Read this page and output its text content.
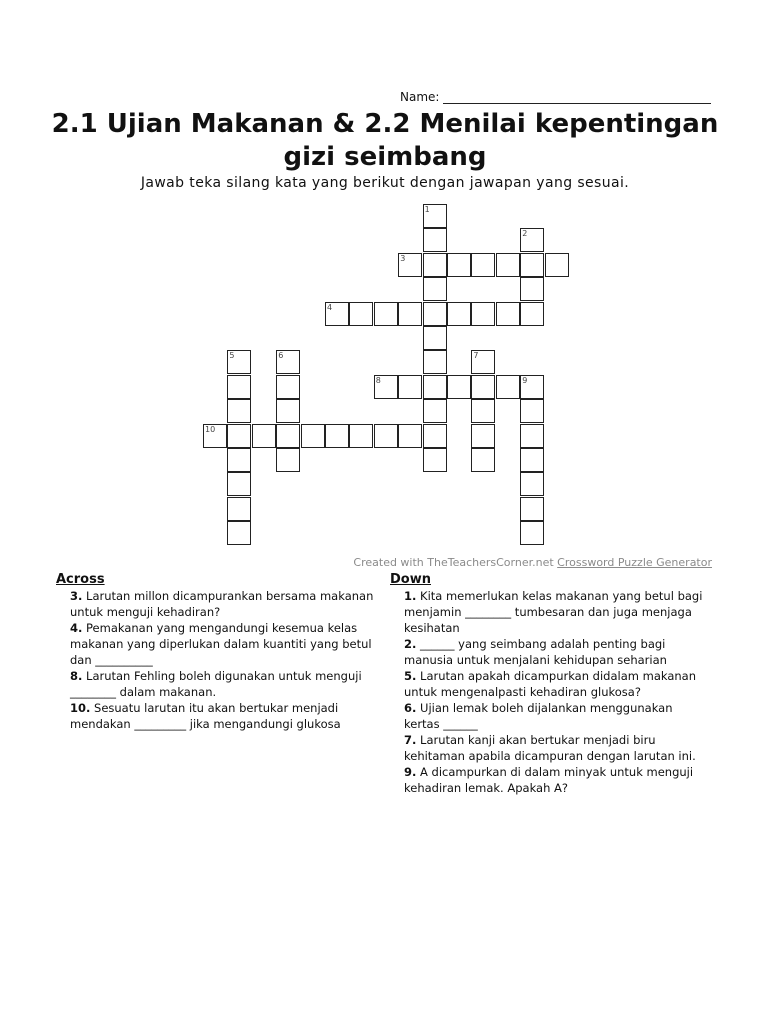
Name:
2.1 Ujian Makanan & 2.2 Menilai kepentingan gizi seimbang
Jawab teka silang kata yang berikut dengan jawapan yang sesuai.
1
2
3
4
5	6	7
8	9
10
Created with TheTeachersCorner.net Crossword Puzzle Generator
Across
3. Larutan millon dicampurankan bersama makanan untuk menguji kehadiran?
4. Pemakanan yang mengandungi kesemua kelas makanan yang diperlukan dalam kuantiti yang betul dan __________
8. Larutan Fehling boleh digunakan untuk menguji ________ dalam makanan.
10. Sesuatu larutan itu akan bertukar menjadi mendakan _________ jika mengandungi glukosa
Down
1. Kita memerlukan kelas makanan yang betul bagi menjamin ________ tumbesaran dan juga menjaga kesihatan
2. ______ yang seimbang adalah penting bagi manusia untuk menjalani kehidupan seharian
5. Larutan apakah dicampurkan didalam makanan untuk mengenalpasti kehadiran glukosa?
6. Ujian lemak boleh dijalankan menggunakan kertas ______
7. Larutan kanji akan bertukar menjadi biru kehitaman apabila dicampuran dengan larutan ini.
9. A dicampurkan di dalam minyak untuk menguji kehadiran lemak. Apakah A?
